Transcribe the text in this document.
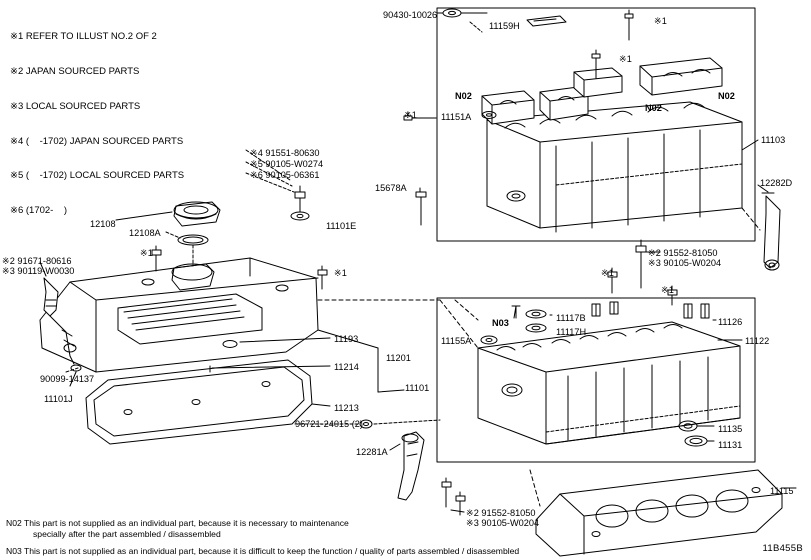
※1 REFER TO ILLUST NO.2 OF 2

※2 JAPAN SOURCED PARTS

※3 LOCAL SOURCED PARTS

※4 (    -1702) JAPAN SOURCED PARTS

※5 (    -1702) LOCAL SOURCED PARTS

※6 (1702-    )

90430-10026
11159H	※1
※1
N02
N02
N02
※1	11151A
11103
15678A	12282D
※4 91551-80630
※5 90105-W0274
※6 90105-06361
11101E
12108
12108A
※1
※1
※2 91671-80616
※3 90119-W0030
※2 91552-81050
※3 90105-W0204
※1
※1
11117B
11117H
N03	11126
11122
11155A
11193
11201
11214
11101
90099-14137
11101J
11213
96721-24015 (2)	11135
11131
12281A
11115
※2 91552-81050
※3 90105-W0204
N02 This part is not supplied as an individual part, because it is necessary to maintenance
specially after the part assembled / disassembled
N03 This part is not supplied as an individual part, because it is difficult to keep the function / quality of parts assembled / disassembled	11B455B
